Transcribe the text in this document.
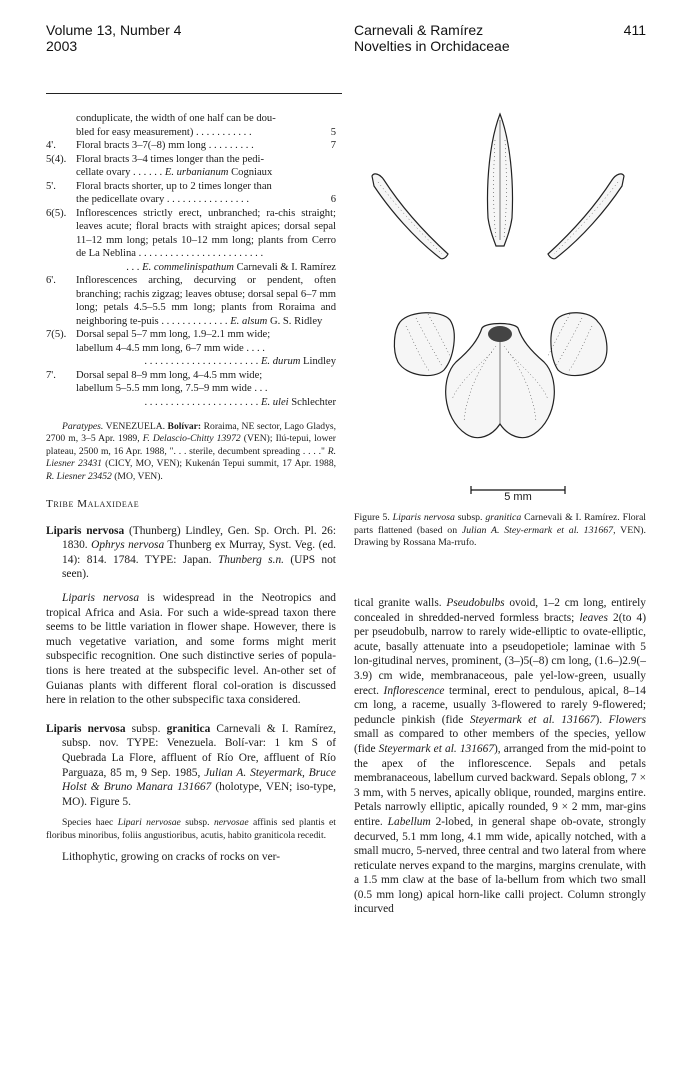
Volume 13, Number 4
2003
Carnevali & Ramírez
Novelties in Orchidaceae
411
conduplicate, the width of one half can be dou-
5
bled for easy measurement) . . . . . . . . . . .
4'.	7
Floral bracts 3–7(–8) mm long . . . . . . . . .
5(4). Floral bracts 3–4 times longer than the pedi-
cellate ovary . . . . . . E. urbanianum Cogniaux
5'. Floral bracts shorter, up to 2 times longer than
6
the pedicellate ovary . . . . . . . . . . . . . . . .
6(5). Inflorescences strictly erect, unbranched; ra-chis straight; leaves acute; floral bracts with straight apices; dorsal sepal 11–12 mm long; petals 10–12 mm long; plants from Cerro de La Neblina . . . . . . . . . . . . . . . . . . . . . . . .
. . . E. commelinispathum Carnevali & I. Ramírez
6'. Inflorescences arching, decurving or pendent, often branching; rachis zigzag; leaves obtuse; dorsal sepal 6–7 mm long; petals 4.5–5.5 mm long; plants from Roraima and neighboring te-puis . . . . . . . . . . . . . E. alsum G. S. Ridley
7(5). Dorsal sepal 5–7 mm long, 1.9–2.1 mm wide;
labellum 4–4.5 mm long, 6–7 mm wide . . . .
. . . . . . . . . . . . . . . . . . . . . . E. durum Lindley
7'. Dorsal sepal 8–9 mm long, 4–4.5 mm wide;
labellum 5–5.5 mm long, 7.5–9 mm wide . . .
. . . . . . . . . . . . . . . . . . . . . . E. ulei Schlechter

Paratypes. VENEZUELA. Bolívar: Roraima, NE sector, Lago Gladys, 2700 m, 3–5 Apr. 1989, F. Delascio-Chitty 13972 (VEN); Ilú-tepui, lower plateau, 2500 m, 16 Apr. 1988, ". . . sterile, decumbent spreading . . . ." R. Liesner 23431 (CICY, MO, VEN); Kukenán Tepui summit, 17 Apr. 1988, R. Liesner 23452 (MO, VEN).

Tribe Malaxideae

Liparis nervosa (Thunberg) Lindley, Gen. Sp. Orch. Pl. 26: 1830. Ophrys nervosa Thunberg ex Murray, Syst. Veg. (ed. 14): 814. 1784. TYPE: Japan. Thunberg s.n. (UPS not seen).

Liparis nervosa is widespread in the Neotropics and tropical Africa and Asia. For such a wide-spread taxon there seems to be little variation in flower shape. However, there is much vegetative variation, and some forms might merit subspecific recognition. One such distinctive series of popula-tions is here treated at the subspecific level. An-other set of Guianas plants with different floral col-oration is discussed here in relation to the other subspecific taxa considered.

Liparis nervosa subsp. granitica Carnevali & I. Ramírez, subsp. nov. TYPE: Venezuela. Bolí-var: 1 km S of Quebrada La Flore, affluent of Río Ore, affluent of Río Parguaza, 85 m, 9 Sep. 1985, Julian A. Steyermark, Bruce Holst & Bruno Manara 131667 (holotype, VEN; iso-type, MO). Figure 5.

Species haec Lipari nervosae subsp. nervosae affinis sed plantis et floribus minoribus, foliis angustioribus, acutis, habito graniticola recedit.

Lithophytic, growing on cracks of rocks on ver-

5 mm
Figure 5. Liparis nervosa subsp. granitica Carnevali & I. Ramírez. Floral parts flattened (based on Julian A. Stey-ermark et al. 131667, VEN). Drawing by Rossana Ma-rrufo.

tical granite walls. Pseudobulbs ovoid, 1–2 cm long, entirely concealed in shredded-nerved formless bracts; leaves 2(to 4) per pseudobulb, narrow to rarely wide-elliptic to ovate-elliptic, acute, basally attenuate into a pseudopetiole; laminae with 5 lon-gitudinal nerves, prominent, (3–)5(–8) cm long, (1.6–)2.9(–3.9) cm wide, membranaceous, pale yel-low-green, usually erect. Inflorescence terminal, erect to pendulous, apical, 8–14 cm long, a raceme, usually 3-flowered to rarely 9-flowered; peduncle pinkish (fide Steyermark et al. 131667). Flowers small as compared to other members of the species, yellow (fide Steyermark et al. 131667), arranged from the mid-point to the apex of the inflorescence. Sepals and petals membranaceous, labellum curved backward. Sepals oblong, 7 × 3 mm, with 5 nerves, apically oblique, rounded, margins entire. Petals narrowly elliptic, apically rounded, 9 × 2 mm, mar-gins entire. Labellum 2-lobed, in general shape ob-ovate, strongly decurved, 5.1 mm long, 4.1 mm wide, apically notched, with a small mucro, 5-nerved, three central and two lateral from where reticulate nerves expand to the margins, margins crenulate, with a 1.5 mm claw at the base of la-bellum from which two small (0.5 mm long) apical horn-like calli project. Column strongly incurved
